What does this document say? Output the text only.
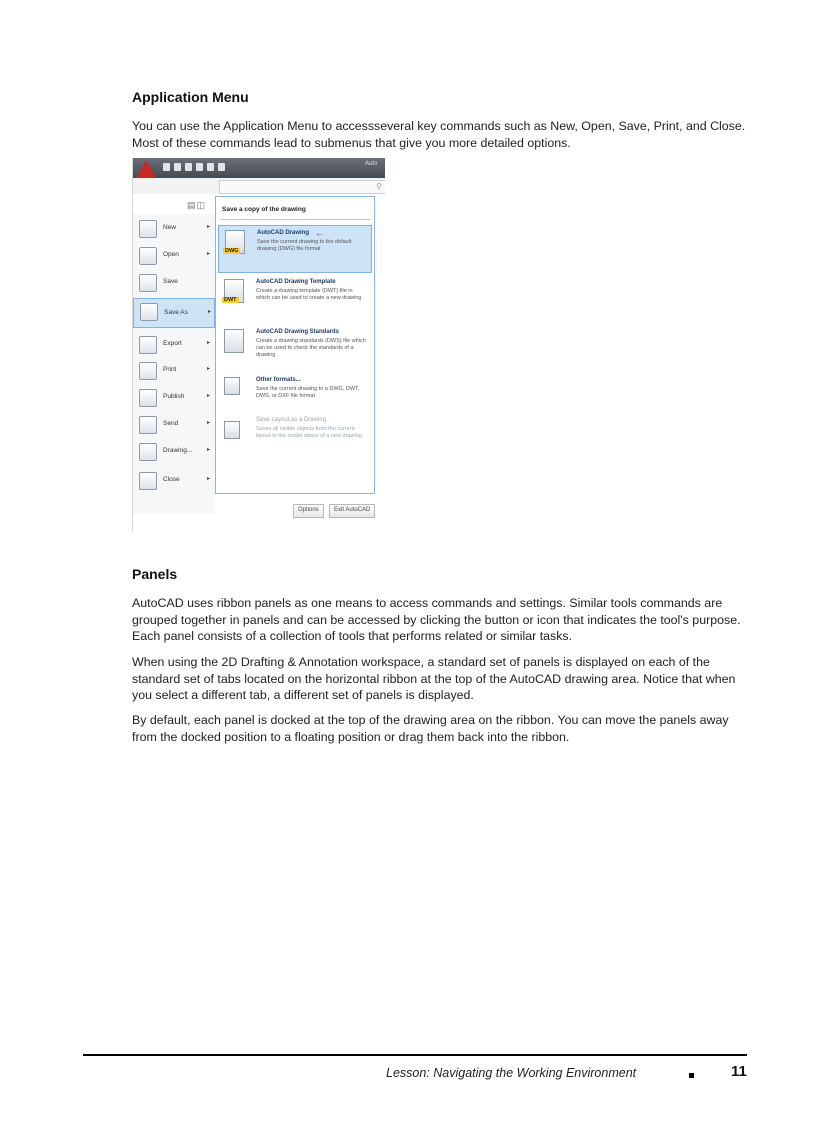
Application Menu

You can use the Application Menu to accessseveral key commands such as New, Open, Save, Print, and Close. Most of these commands lead to submenus that give you more detailed options.

Auto
⚲
▤◫
New	▸
Open	▸
Save
Save As	▸
Export	▸
Print	▸
Publish	▸
Send	▸
Drawing... ▸
Close	▸
Save a copy of the drawing
DWG
AutoCAD Drawing ←
Save the current drawing to the default drawing (DWG) file format
DWT
AutoCAD Drawing Template
Create a drawing template (DWT) file in which can be used to create a new drawing
AutoCAD Drawing Standards
Create a drawing standards (DWS) file which can be used to check the standards of a drawing
Other formats...
Save the current drawing to a DWG, DWT, DWS, or DXF file format
Save Layout as a Drawing
Saves all visible objects from the current layout to the model space of a new drawing
Options	Exit AutoCAD
Panels

AutoCAD uses ribbon panels as one means to access commands and settings. Similar tools commands are grouped together in panels and can be accessed by clicking the button or icon that indicates the tool's purpose. Each panel consists of a collection of tools that performs related or similar tasks.

When using the 2D Drafting & Annotation workspace, a standard set of panels is displayed on each of the standard set of tabs located on the horizontal ribbon at the top of the AutoCAD drawing area. Notice that when you select a different tab, a different set of panels is displayed.

By default, each panel is docked at the top of the drawing area on the ribbon. You can move the panels away from the docked position to a floating position or drag them back into the ribbon.

Lesson: Navigating the Working Environment	11
